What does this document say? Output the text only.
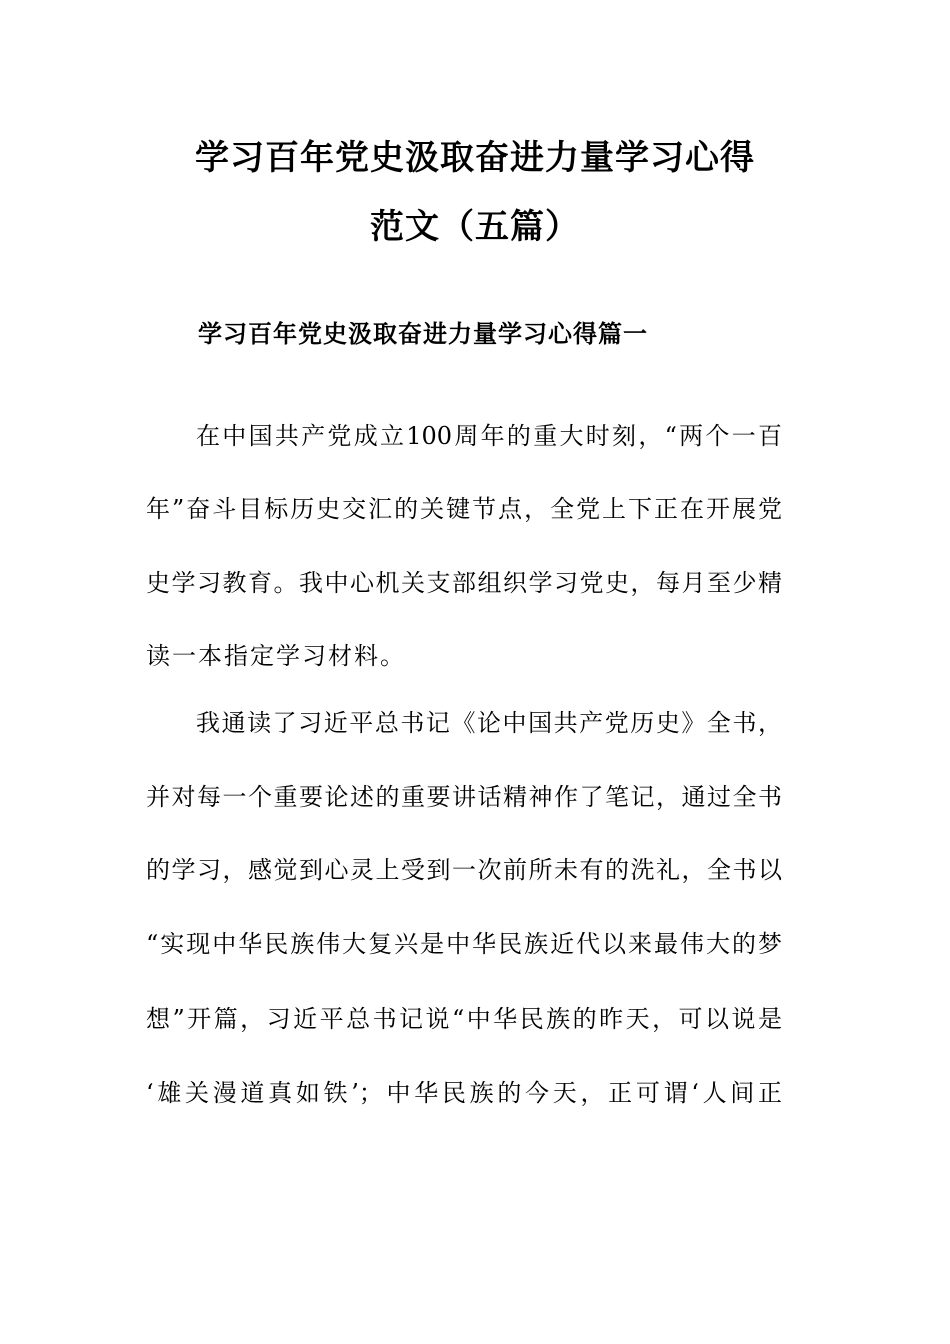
学习百年党史汲取奋进力量学习心得
范文（五篇）
学习百年党史汲取奋进力量学习心得篇一
在中国共产党成立100周年的重大时刻，“两个一百
年”奋斗目标历史交汇的关键节点，全党上下正在开展党
史学习教育。我中心机关支部组织学习党史，每月至少精
读一本指定学习材料。
我通读了习近平总书记《论中国共产党历史》全书，
并对每一个重要论述的重要讲话精神作了笔记，通过全书
的学习，感觉到心灵上受到一次前所未有的洗礼，全书以
“实现中华民族伟大复兴是中华民族近代以来最伟大的梦
想”开篇，习近平总书记说“中华民族的昨天，可以说是
‘雄关漫道真如铁’；中华民族的今天，正可谓‘人间正
